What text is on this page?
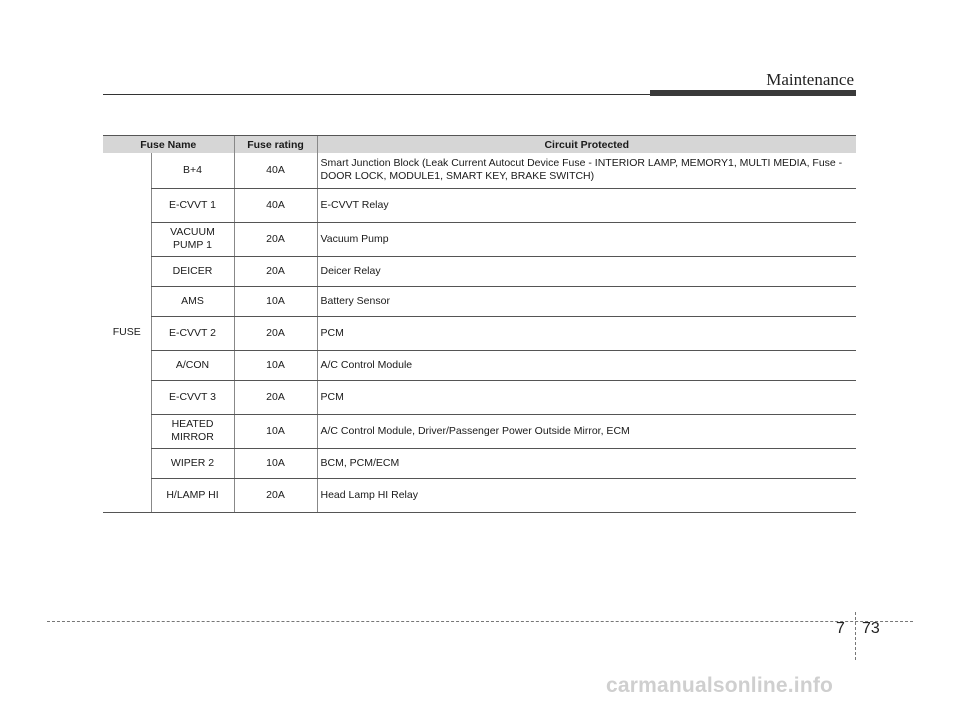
Maintenance
Fuse Name		Fuse rating	Circuit Protected
FUSE	B+4	40A	Smart Junction Block (Leak Current Autocut Device Fuse - INTERIOR LAMP, MEMORY1, MULTI MEDIA, Fuse - DOOR LOCK, MODULE1, SMART KEY, BRAKE SWITCH)
	E-CVVT 1	40A	E-CVVT Relay
	VACUUM PUMP 1	20A	Vacuum Pump
	DEICER	20A	Deicer Relay
	AMS	10A	Battery Sensor
	E-CVVT 2	20A	PCM
	A/CON	10A	A/C Control Module
	E-CVVT 3	20A	PCM
	HEATED MIRROR	10A	A/C Control Module, Driver/Passenger Power Outside Mirror, ECM
	WIPER 2	10A	BCM, PCM/ECM
	H/LAMP HI	20A	Head Lamp HI Relay
7 73
carmanualsonline.info
